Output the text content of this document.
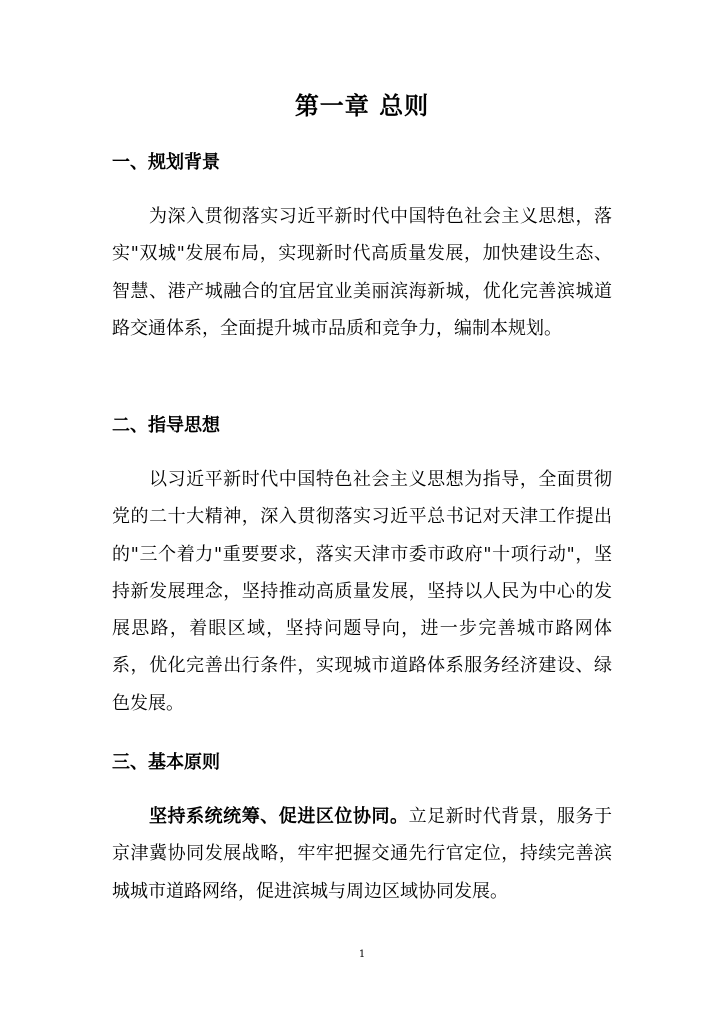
第一章 总则
一、规划背景

为深入贯彻落实习近平新时代中国特色社会主义思想，落实"双城"发展布局，实现新时代高质量发展，加快建设生态、智慧、港产城融合的宜居宜业美丽滨海新城，优化完善滨城道路交通体系，全面提升城市品质和竞争力，编制本规划。

二、指导思想

以习近平新时代中国特色社会主义思想为指导，全面贯彻党的二十大精神，深入贯彻落实习近平总书记对天津工作提出的"三个着力"重要要求，落实天津市委市政府"十项行动"，坚持新发展理念，坚持推动高质量发展，坚持以人民为中心的发展思路，着眼区域，坚持问题导向，进一步完善城市路网体系，优化完善出行条件，实现城市道路体系服务经济建设、绿色发展。

三、基本原则

坚持系统统筹、促进区位协同。立足新时代背景，服务于京津冀协同发展战略，牢牢把握交通先行官定位，持续完善滨城城市道路网络，促进滨城与周边区域协同发展。

1
